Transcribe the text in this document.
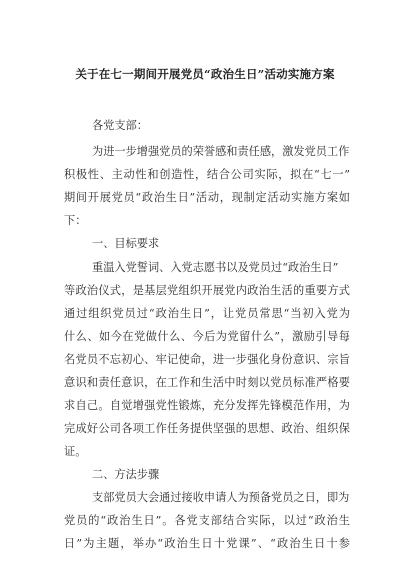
关于在七一期间开展党员“政治生日”活动实施方案
各党支部：
为进一步增强党员的荣誉感和责任感，激发党员工作
积极性、主动性和创造性，结合公司实际，拟在“七一”
期间开展党员“政治生日”活动，现制定活动实施方案如
下：
一、目标要求
重温入党誓词、入党志愿书以及党员过“政治生日”
等政治仪式，是基层党组织开展党内政治生活的重要方式
通过组织党员过“政治生日”，让党员常思“当初入党为
什么、如今在党做什么、今后为党留什么”，激励引导每
名党员不忘初心、牢记使命，进一步强化身份意识、宗旨
意识和责任意识，在工作和生活中时刻以党员标准严格要
求自己。自觉增强党性锻炼，充分发挥先锋模范作用，为
完成好公司各项工作任务提供坚强的思想、政治、组织保
证。
二、方法步骤
支部党员大会通过接收申请人为预备党员之日，即为
党员的“政治生日”。各党支部结合实际，以过“政治生
日”为主题，举办“政治生日十党课”、“政治生日十参
